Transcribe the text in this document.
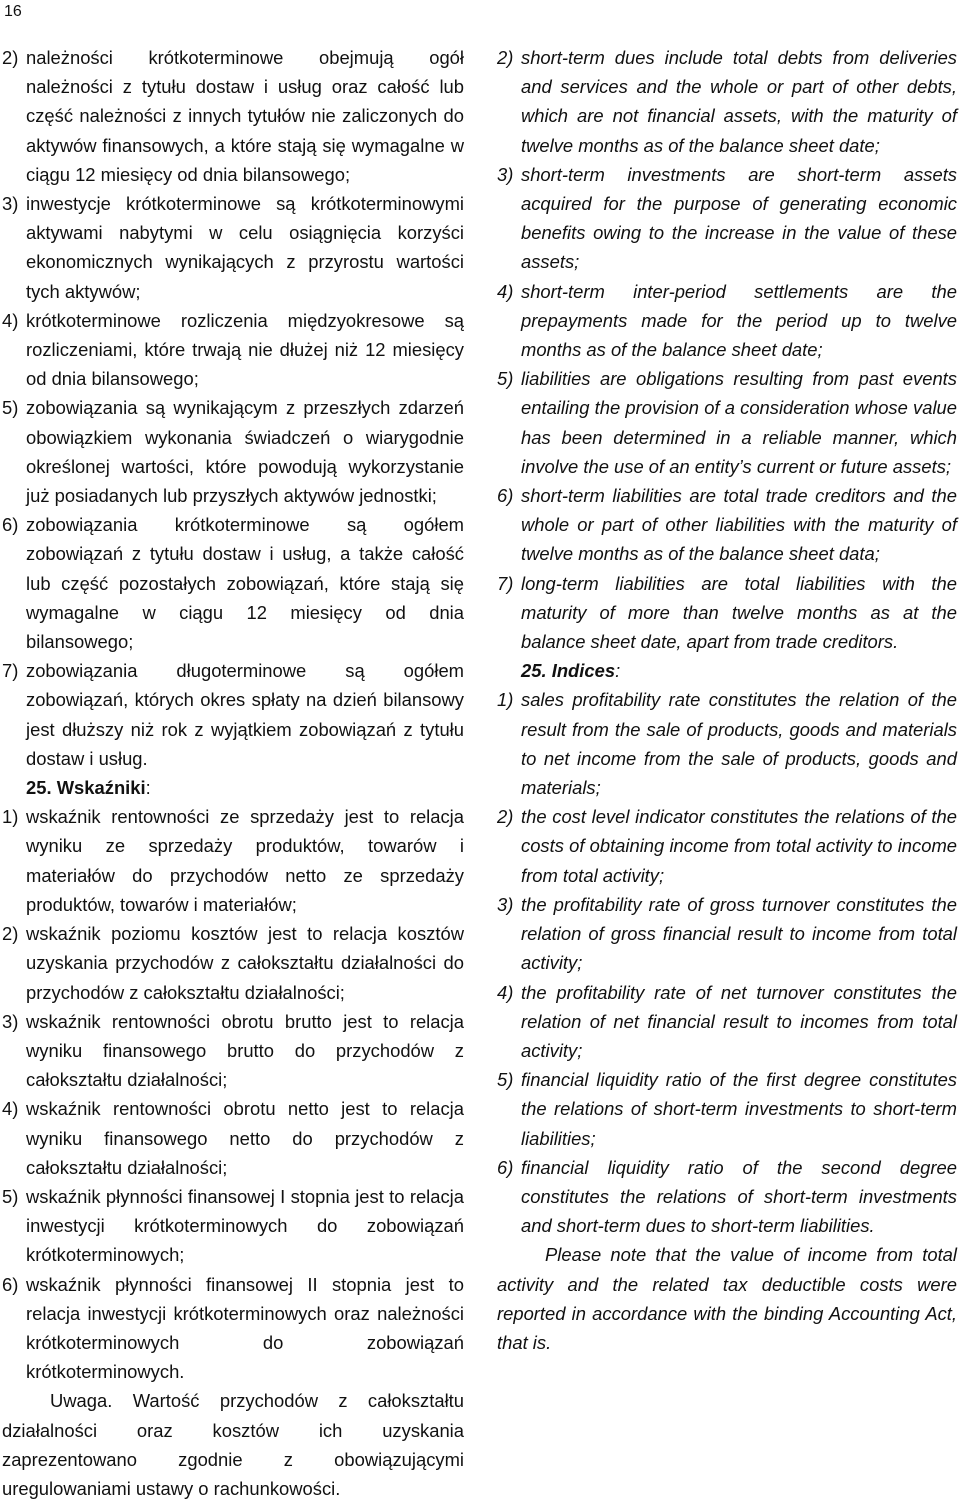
16
2) należności krótkoterminowe obejmują ogół należności z tytułu dostaw i usług oraz całość lub część należności z innych tytułów nie zaliczonych do aktywów finansowych, a które stają się wymagalne w ciągu 12 miesięcy od dnia bilansowego;
3) inwestycje krótkoterminowe są krótkoterminowymi aktywami nabytymi w celu osiągnięcia korzyści ekonomicznych wynikających z przyrostu wartości tych aktywów;
4) krótkoterminowe rozliczenia międzyokresowe są rozliczeniami, które trwają nie dłużej niż 12 miesięcy od dnia bilansowego;
5) zobowiązania są wynikającym z przeszłych zdarzeń obowiązkiem wykonania świadczeń o wiarygodnie określonej wartości, które powodują wykorzystanie już posiadanych lub przyszłych aktywów jednostki;
6) zobowiązania krótkoterminowe są ogółem zobowiązań z tytułu dostaw i usług, a także całość lub część pozostałych zobowiązań, które stają się wymagalne w ciągu 12 miesięcy od dnia bilansowego;
7) zobowiązania długoterminowe są ogółem zobowiązań, których okres spłaty na dzień bilansowy jest dłuższy niż rok z wyjątkiem zobowiązań z tytułu dostaw i usług.
25. Wskaźniki:
1) wskaźnik rentowności ze sprzedaży jest to relacja wyniku ze sprzedaży produktów, towarów i materiałów do przychodów netto ze sprzedaży produktów, towarów i materiałów;
2) wskaźnik poziomu kosztów jest to relacja kosztów uzyskania przychodów z całokształtu działalności do przychodów z całokształtu działalności;
3) wskaźnik rentowności obrotu brutto jest to relacja wyniku finansowego brutto do przychodów z całokształtu działalności;
4) wskaźnik rentowności obrotu netto jest to relacja wyniku finansowego netto do przychodów z całokształtu działalności;
5) wskaźnik płynności finansowej I stopnia jest to relacja inwestycji krótkoterminowych do zobowiązań krótkoterminowych;
6) wskaźnik płynności finansowej II stopnia jest to relacja inwestycji krótkoterminowych oraz należności krótkoterminowych do zobowiązań krótkoterminowych.
Uwaga. Wartość przychodów z całokształtu działalności oraz kosztów ich uzyskania zaprezentowano zgodnie z obowiązującymi uregulowaniami ustawy o rachunkowości.
2) short-term dues include total debts from deliveries and services and the whole or part of other debts, which are not financial assets, with the maturity of twelve months as of the balance sheet date;
3) short-term investments are short-term assets acquired for the purpose of generating economic benefits owing to the increase in the value of these assets;
4) short-term inter-period settlements are the prepayments made for the period up to twelve months as of the balance sheet date;
5) liabilities are obligations resulting from past events entailing the provision of a consideration whose value has been determined in a reliable manner, which involve the use of an entity’s current or future assets;
6) short-term liabilities are total trade creditors and the whole or part of other liabilities with the maturity of twelve months as of the balance sheet data;
7) long-term liabilities are total liabilities with the maturity of more than twelve months as at the balance sheet date, apart from trade creditors.
25. Indices:
1) sales profitability rate constitutes the relation of the result from the sale of products, goods and materials to net income from the sale of products, goods and materials;
2) the cost level indicator constitutes the relations of the costs of obtaining income from total activity to income from total activity;
3) the profitability rate of gross turnover constitutes the relation of gross financial result to income from total activity;
4) the profitability rate of net turnover constitutes the relation of net financial result to incomes from total activity;
5) financial liquidity ratio of the first degree constitutes the relations of short-term investments to short-term liabilities;
6) financial liquidity ratio of the second degree constitutes the relations of short-term investments and short-term dues to short-term liabilities.
Please note that the value of income from total activity and the related tax deductible costs were reported in accordance with the binding Accounting Act, that is.
